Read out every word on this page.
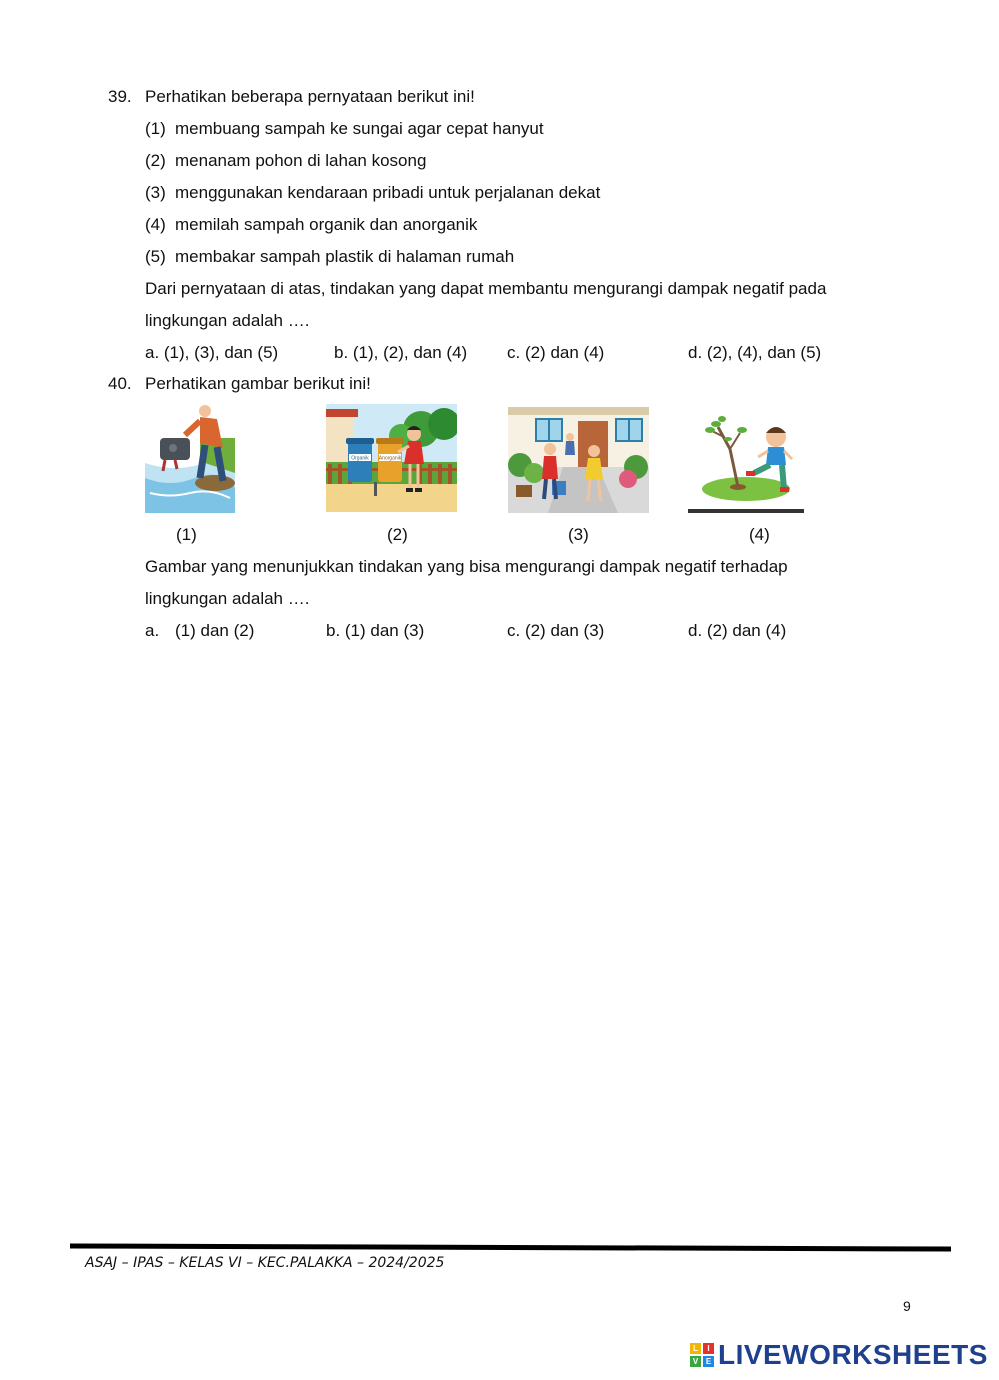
39. Perhatikan beberapa pernyataan berikut ini!
(1) membuang sampah ke sungai agar cepat hanyut
(2) menanam pohon di lahan kosong
(3) menggunakan kendaraan pribadi untuk perjalanan dekat
(4) memilah sampah organik dan anorganik
(5) membakar sampah plastik di halaman rumah
Dari pernyataan di atas, tindakan yang dapat membantu mengurangi dampak negatif pada
lingkungan adalah ….
a. (1), (3), dan (5)	b. (1), (2), dan (4) c. (2) dan (4)	d. (2), (4), dan (5)
40. Perhatikan gambar berikut ini!
Organik Anorganik
(1)	(2)	(3)	(4)
Gambar yang menunjukkan tindakan yang bisa mengurangi dampak negatif terhadap
lingkungan adalah ….
a. (1) dan (2)	b. (1) dan (3)	c. (2) dan (3)	d. (2) dan (4)
ASAJ – IPAS – KELAS VI – KEC.PALAKKA – 2024/2025
9
L	I
V E LIVEWORKSHEETS
